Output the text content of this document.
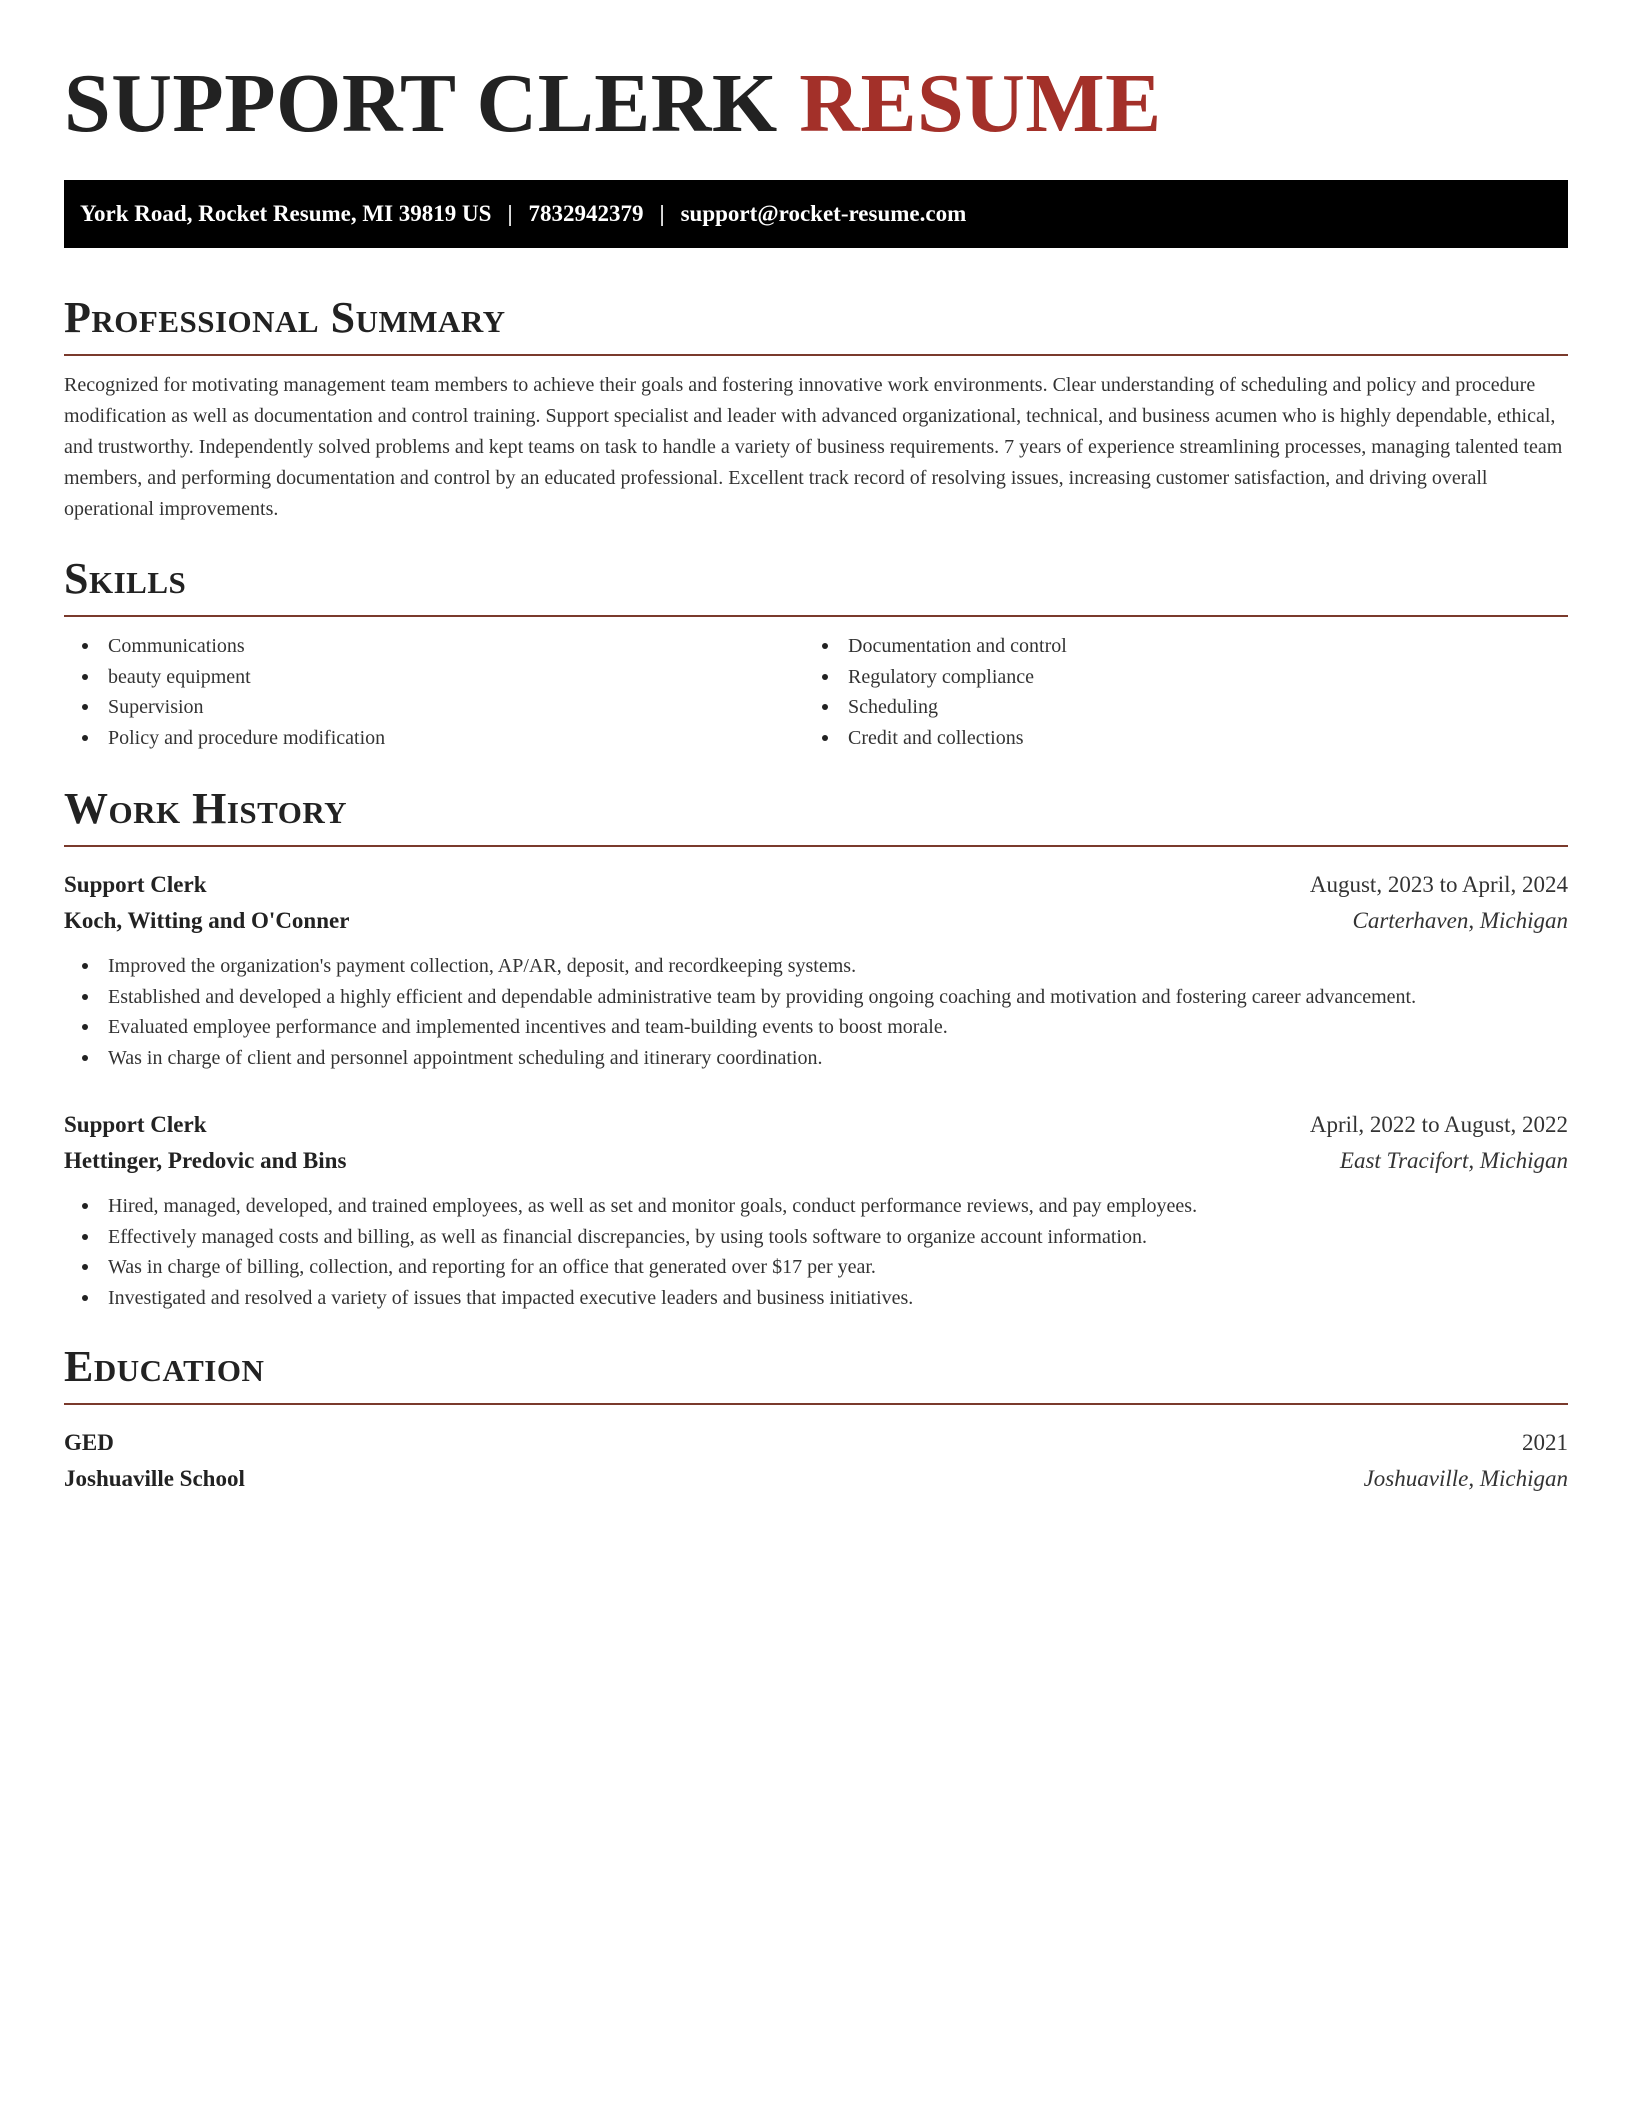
SUPPORT CLERK RESUME
York Road, Rocket Resume, MI 39819 US | 7832942379 | support@rocket-resume.com
Professional Summary

Recognized for motivating management team members to achieve their goals and fostering innovative work environments. Clear understanding of scheduling and policy and procedure modification as well as documentation and control training. Support specialist and leader with advanced organizational, technical, and business acumen who is highly dependable, ethical, and trustworthy. Independently solved problems and kept teams on task to handle a variety of business requirements. 7 years of experience streamlining processes, managing talented team members, and performing documentation and control by an educated professional. Excellent track record of resolving issues, increasing customer satisfaction, and driving overall operational improvements.

Skills
Communications
beauty equipment
Supervision
Policy and procedure modification
Documentation and control
Regulatory compliance
Scheduling
Credit and collections
Work History
Support Clerk	August, 2023 to April, 2024
Koch, Witting and O'Conner	Carterhaven, Michigan
Improved the organization's payment collection, AP/AR, deposit, and recordkeeping systems.
Established and developed a highly efficient and dependable administrative team by providing ongoing coaching and motivation and fostering career advancement.
Evaluated employee performance and implemented incentives and team-building events to boost morale.
Was in charge of client and personnel appointment scheduling and itinerary coordination.
Support Clerk	April, 2022 to August, 2022
Hettinger, Predovic and Bins	East Tracifort, Michigan
Hired, managed, developed, and trained employees, as well as set and monitor goals, conduct performance reviews, and pay employees.
Effectively managed costs and billing, as well as financial discrepancies, by using tools software to organize account information.
Was in charge of billing, collection, and reporting for an office that generated over $17 per year.
Investigated and resolved a variety of issues that impacted executive leaders and business initiatives.
Education
GED	2021
Joshuaville School	Joshuaville, Michigan
